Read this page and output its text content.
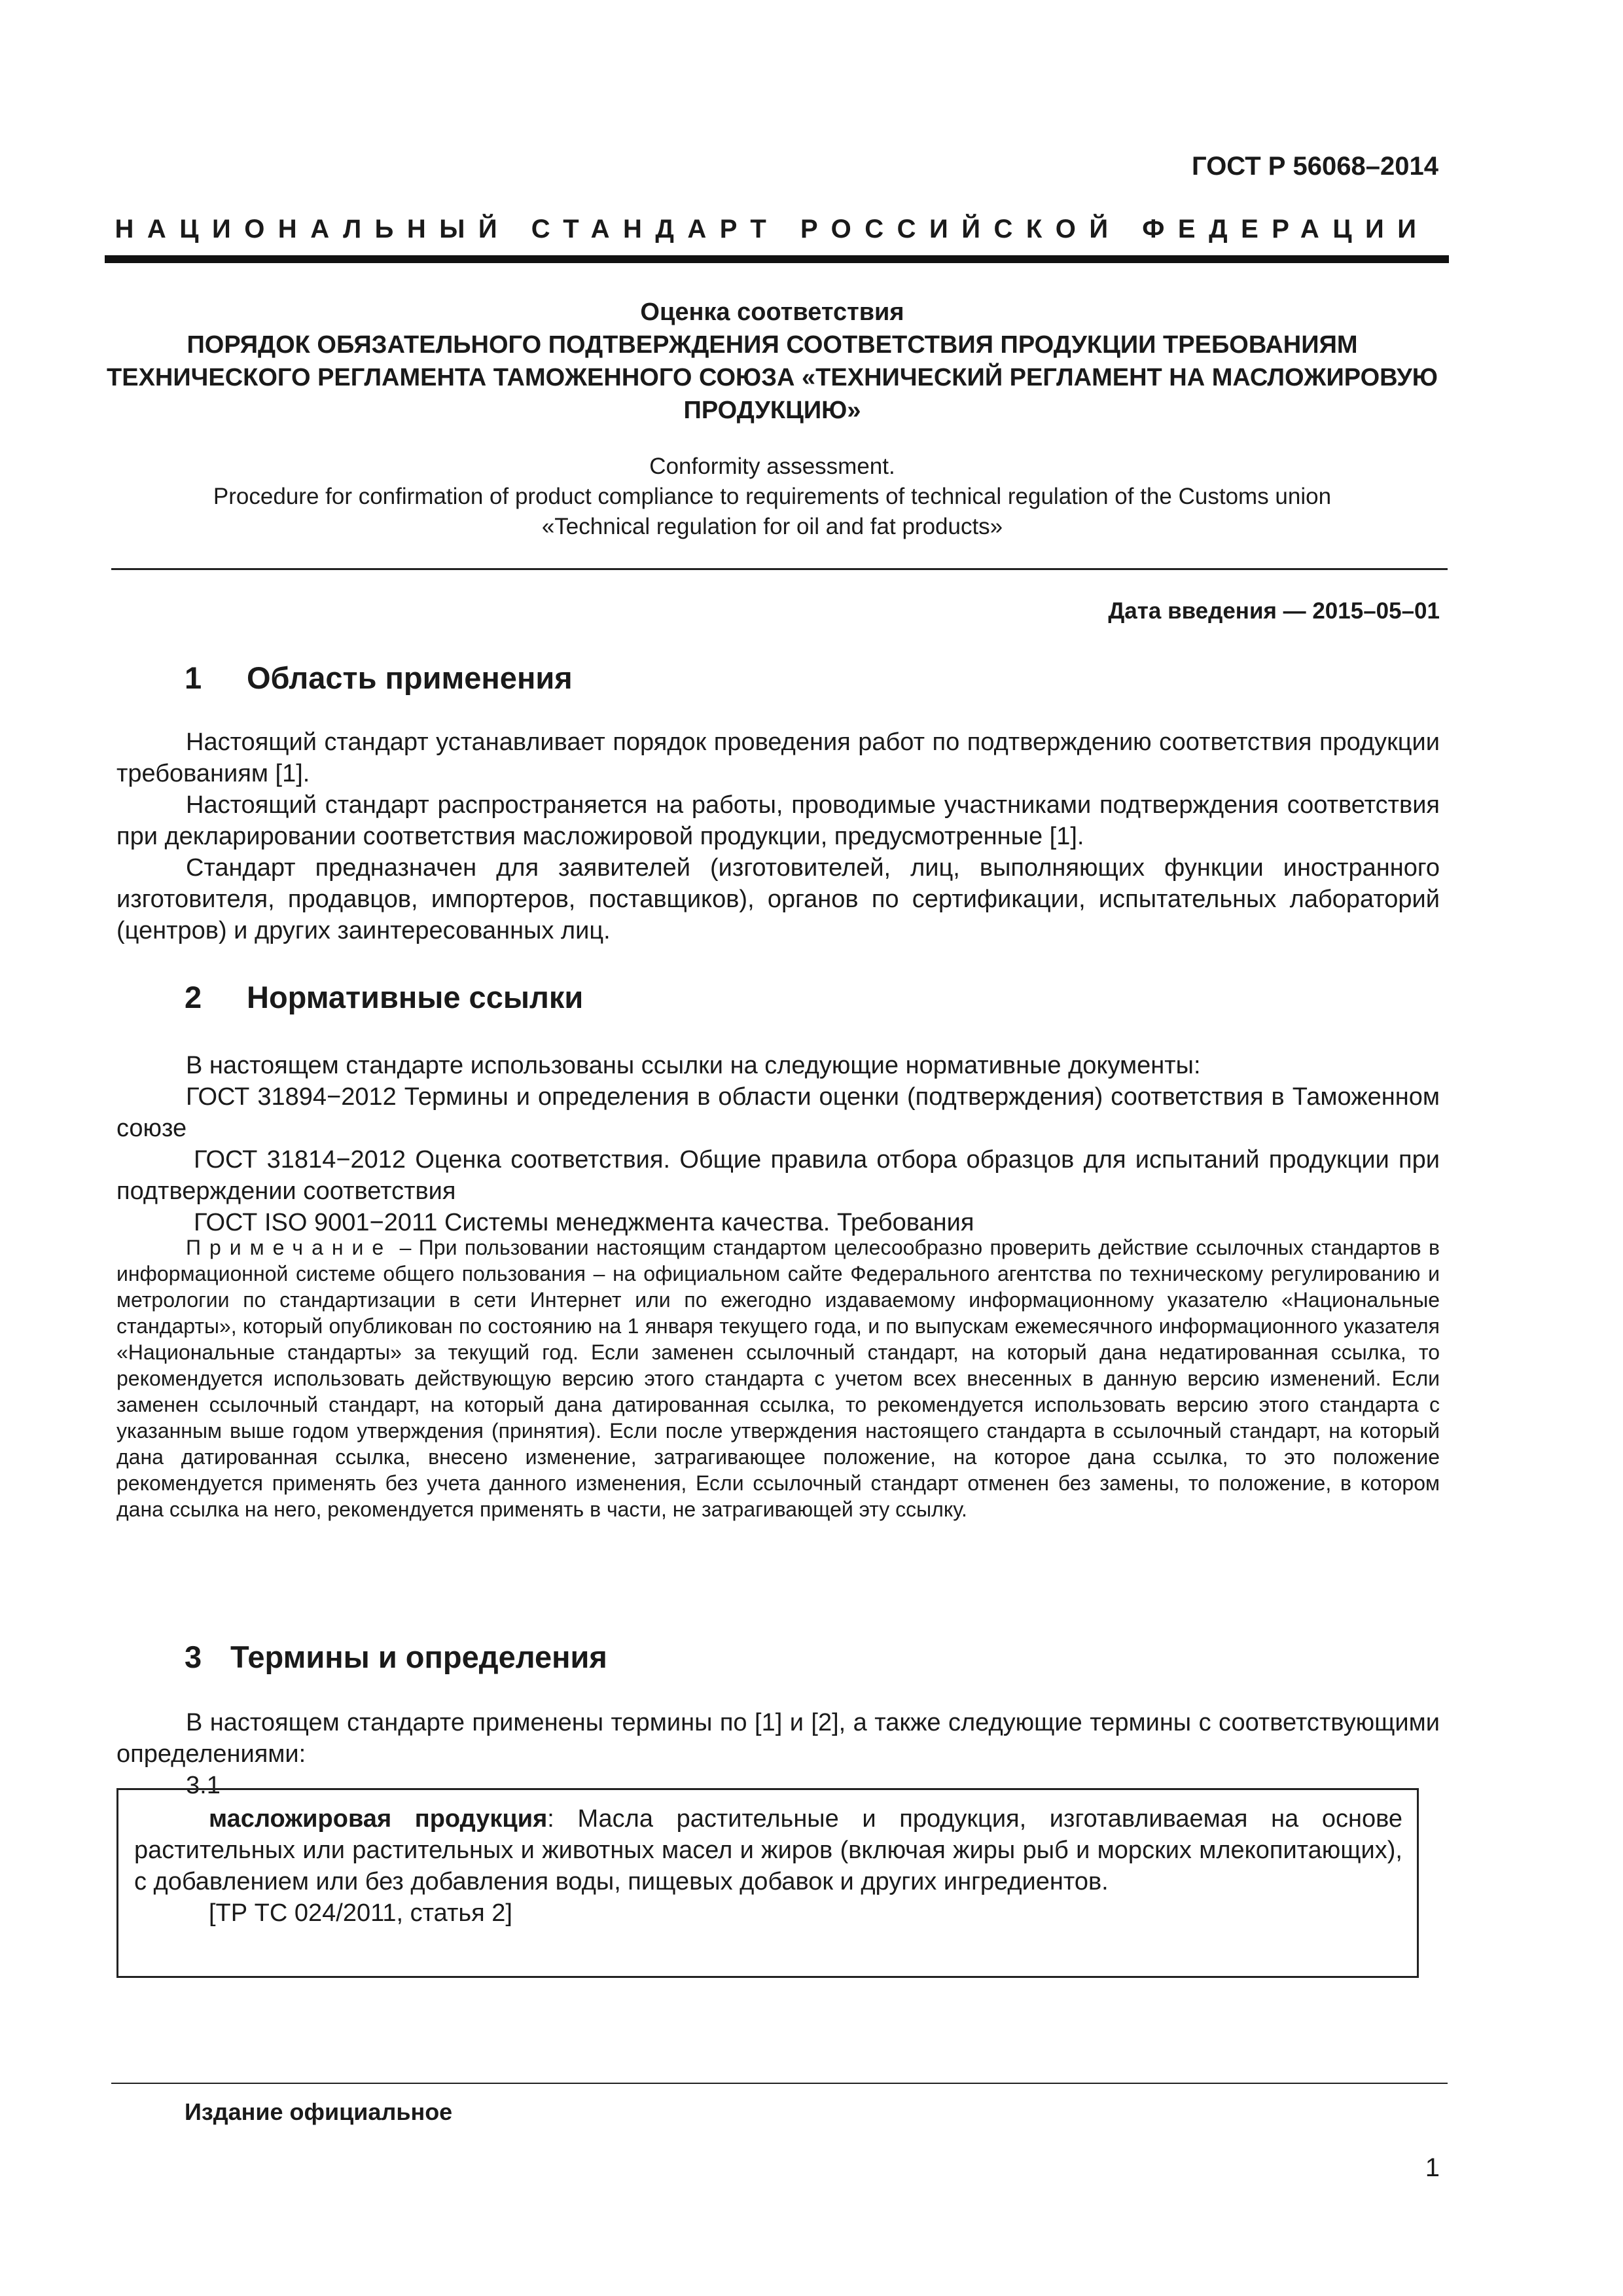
ГОСТ Р 56068–2014
НАЦИОНАЛЬНЫЙ СТАНДАРТ РОССИЙСКОЙ ФЕДЕРАЦИИ
Оценка соответствия
ПОРЯДОК ОБЯЗАТЕЛЬНОГО ПОДТВЕРЖДЕНИЯ СООТВЕТСТВИЯ ПРОДУКЦИИ ТРЕБОВАНИЯМ ТЕХНИЧЕСКОГО РЕГЛАМЕНТА ТАМОЖЕННОГО СОЮЗА «ТЕХНИЧЕСКИЙ РЕГЛАМЕНТ НА МАСЛОЖИРОВУЮ ПРОДУКЦИЮ»
Conformity assessment.
Procedure for confirmation of product compliance to requirements of technical regulation of the Customs union
«Technical regulation for oil and fat products»
Дата введения — 2015–05–01
1 Область применения

Настоящий стандарт устанавливает порядок проведения работ по подтверждению соответствия продукции требованиям [1].

Настоящий стандарт распространяется на работы, проводимые участниками подтверждения соответствия при декларировании соответствия масложировой продукции, предусмотренные [1].

Стандарт предназначен для заявителей (изготовителей, лиц, выполняющих функции иностранного изготовителя, продавцов, импортеров, поставщиков), органов по сертификации, испытательных лабораторий (центров) и других заинтересованных лиц.

2 Нормативные ссылки

В настоящем стандарте использованы ссылки на следующие нормативные документы:

ГОСТ 31894−2012 Термины и определения в области оценки (подтверждения) соответствия в Таможенном союзе

ГОСТ 31814−2012 Оценка соответствия. Общие правила отбора образцов для испытаний продукции при подтверждении соответствия

ГОСТ ISO 9001−2011 Системы менеджмента качества. Требования

Примечание – При пользовании настоящим стандартом целесообразно проверить действие ссылочных стандартов в информационной системе общего пользования – на официальном сайте Федерального агентства по техническому регулированию и метрологии по стандартизации в сети Интернет или по ежегодно издаваемому информационному указателю «Национальные стандарты», который опубликован по состоянию на 1 января текущего года, и по выпускам ежемесячного информационного указателя «Национальные стандарты» за текущий год. Если заменен ссылочный стандарт, на который дана недатированная ссылка, то рекомендуется использовать действующую версию этого стандарта с учетом всех внесенных в данную версию изменений. Если заменен ссылочный стандарт, на который дана датированная ссылка, то рекомендуется использовать версию этого стандарта с указанным выше годом утверждения (принятия). Если после утверждения настоящего стандарта в ссылочный стандарт, на который дана датированная ссылка, внесено изменение, затрагивающее положение, на которое дана ссылка, то это положение рекомендуется применять без учета данного изменения, Если ссылочный стандарт отменен без замены, то положение, в котором дана ссылка на него, рекомендуется применять в части, не затрагивающей эту ссылку.

3 Термины и определения

В настоящем стандарте применены термины по [1] и [2], а также следующие термины с соответствующими определениями:

3.1

масложировая продукция: Масла растительные и продукция, изготавливаемая на основе растительных или растительных и животных масел и жиров (включая жиры рыб и морских млекопитающих), с добавлением или без добавления воды, пищевых добавок и других ингредиентов.

[ТР ТС 024/2011, статья 2]

Издание официальное
1
